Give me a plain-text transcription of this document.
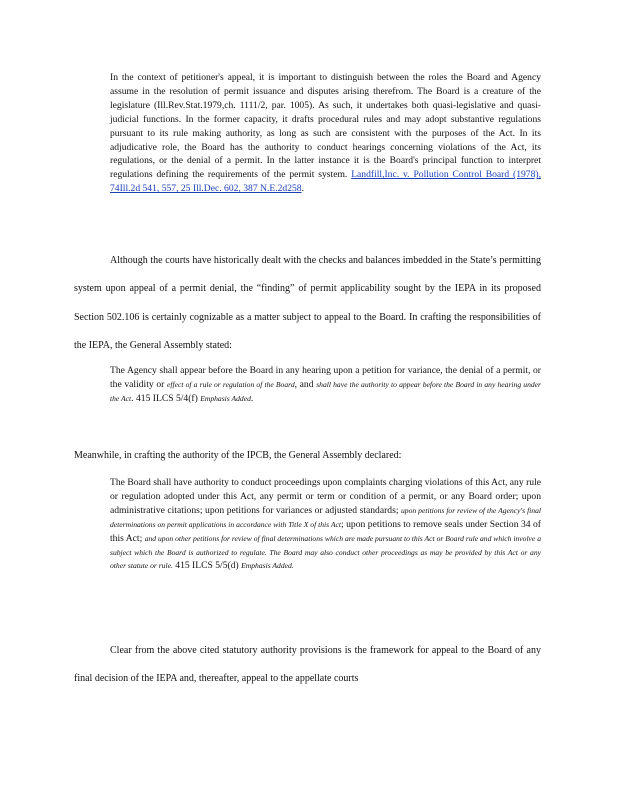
In the context of petitioner's appeal, it is important to distinguish between the roles the Board and Agency assume in the resolution of permit issuance and disputes arising therefrom. The Board is a creature of the legislature (Ill.Rev.Stat.1979,ch. 1111/2, par. 1005). As such, it undertakes both quasi-legislative and quasi-judicial functions. In the former capacity, it drafts procedural rules and may adopt substantive regulations pursuant to its rule making authority, as long as such are consistent with the purposes of the Act. In its adjudicative role, the Board has the authority to conduct hearings concerning violations of the Act, its regulations, or the denial of a permit. In the latter instance it is the Board's principal function to interpret regulations defining the requirements of the permit system. Landfill,Inc. v. Pollution Control Board (1978), 74Ill.2d 541, 557, 25 Ill.Dec. 602, 387 N.E.2d258.
Although the courts have historically dealt with the checks and balances imbedded in the State’s permitting system upon appeal of a permit denial, the “finding” of permit applicability sought by the IEPA in its proposed Section 502.106 is certainly cognizable as a matter subject to appeal to the Board. In crafting the responsibilities of the IEPA, the General Assembly stated:
The Agency shall appear before the Board in any hearing upon a petition for variance, the denial of a permit, or the validity or effect of a rule or regulation of the Board, and shall have the authority to appear before the Board in any hearing under the Act. 415 ILCS 5/4(f) Emphasis Added.
Meanwhile, in crafting the authority of the IPCB, the General Assembly declared:
The Board shall have authority to conduct proceedings upon complaints charging violations of this Act, any rule or regulation adopted under this Act, any permit or term or condition of a permit, or any Board order; upon administrative citations; upon petitions for variances or adjusted standards; upon petitions for review of the Agency's final determinations on permit applications in accordance with Title X of this Act; upon petitions to remove seals under Section 34 of this Act; and upon other petitions for review of final determinations which are made pursuant to this Act or Board rule and which involve a subject which the Board is authorized to regulate. The Board may also conduct other proceedings as may be provided by this Act or any other statute or rule. 415 ILCS 5/5(d) Emphasis Added.
Clear from the above cited statutory authority provisions is the framework for appeal to the Board of any final decision of the IEPA and, thereafter, appeal to the appellate courts
